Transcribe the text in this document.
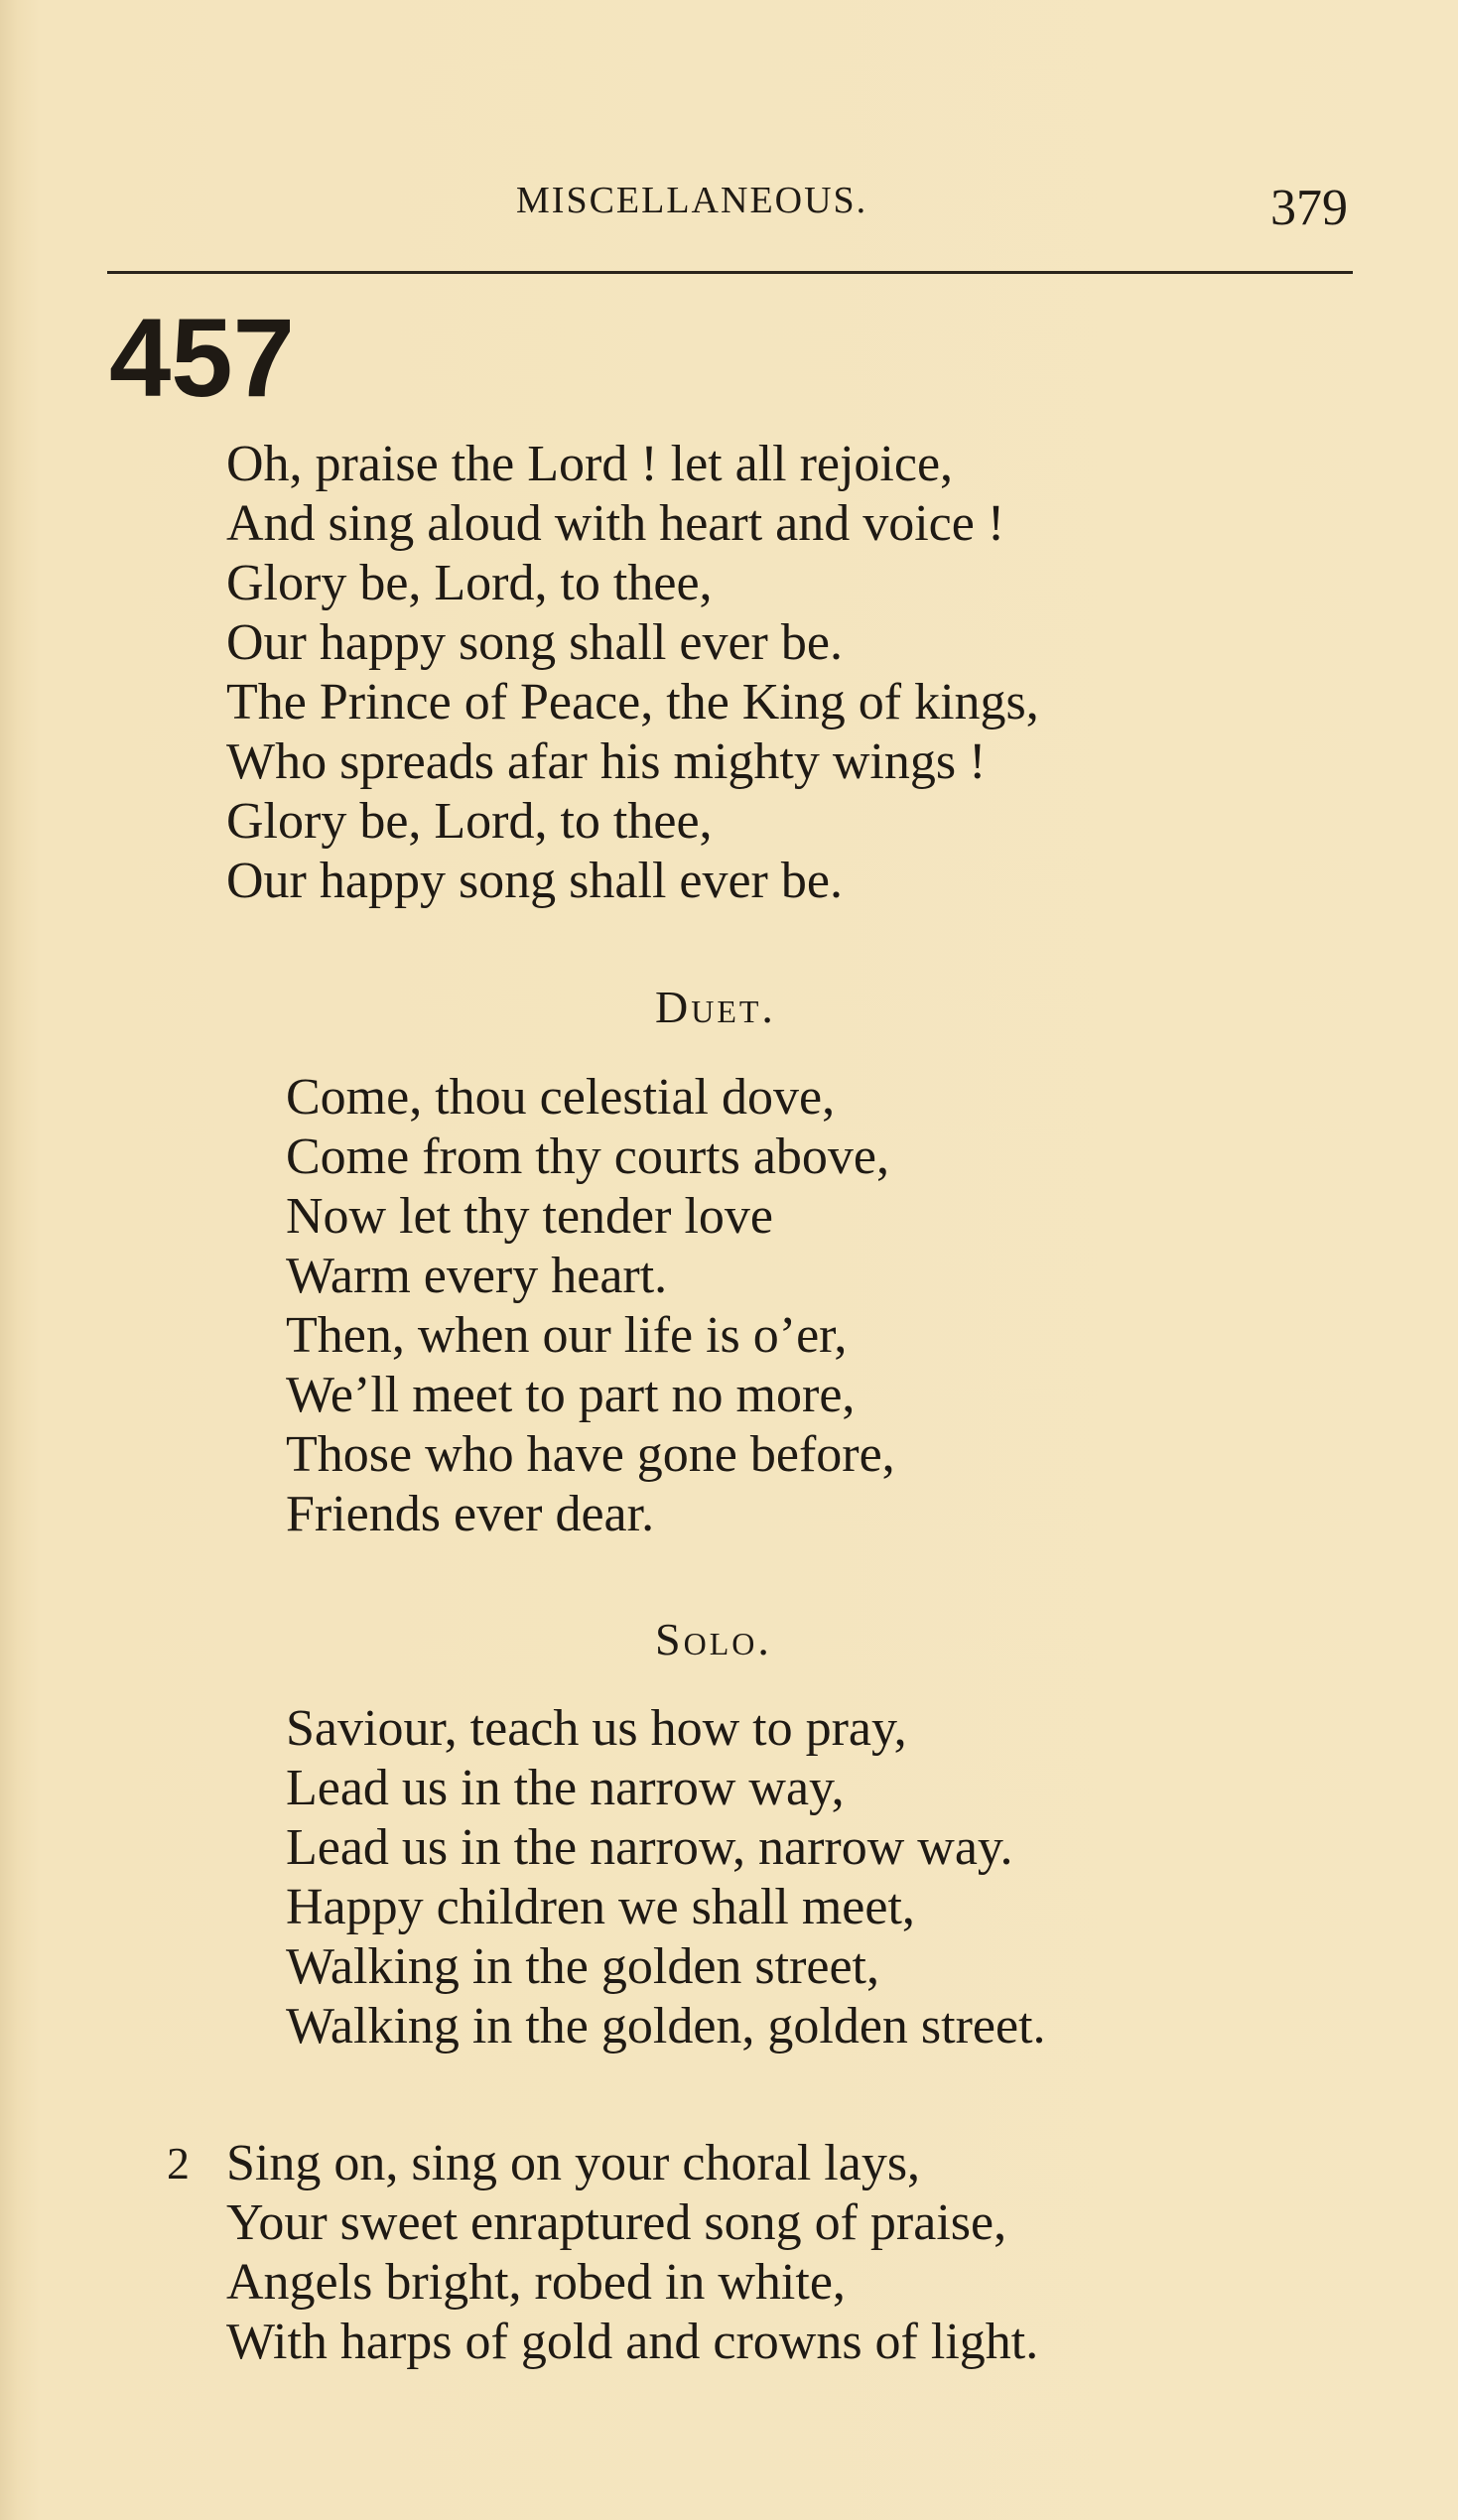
MISCELLANEOUS.	379
457
Oh, praise the Lord ! let all rejoice,
And sing aloud with heart and voice !
Glory be, Lord, to thee,
Our happy song shall ever be.
The Prince of Peace, the King of kings,
Who spreads afar his mighty wings !
Glory be, Lord, to thee,
Our happy song shall ever be.
Duet.
Come, thou celestial dove,
Come from thy courts above,
Now let thy tender love
Warm every heart.
Then, when our life is o’er,
We’ll meet to part no more,
Those who have gone before,
Friends ever dear.
Solo.
Saviour, teach us how to pray,
Lead us in the narrow way,
Lead us in the narrow, narrow way.
Happy children we shall meet,
Walking in the golden street,
Walking in the golden, golden street.
2 Sing on, sing on your choral lays,
Your sweet enraptured song of praise,
Angels bright, robed in white,
With harps of gold and crowns of light.
